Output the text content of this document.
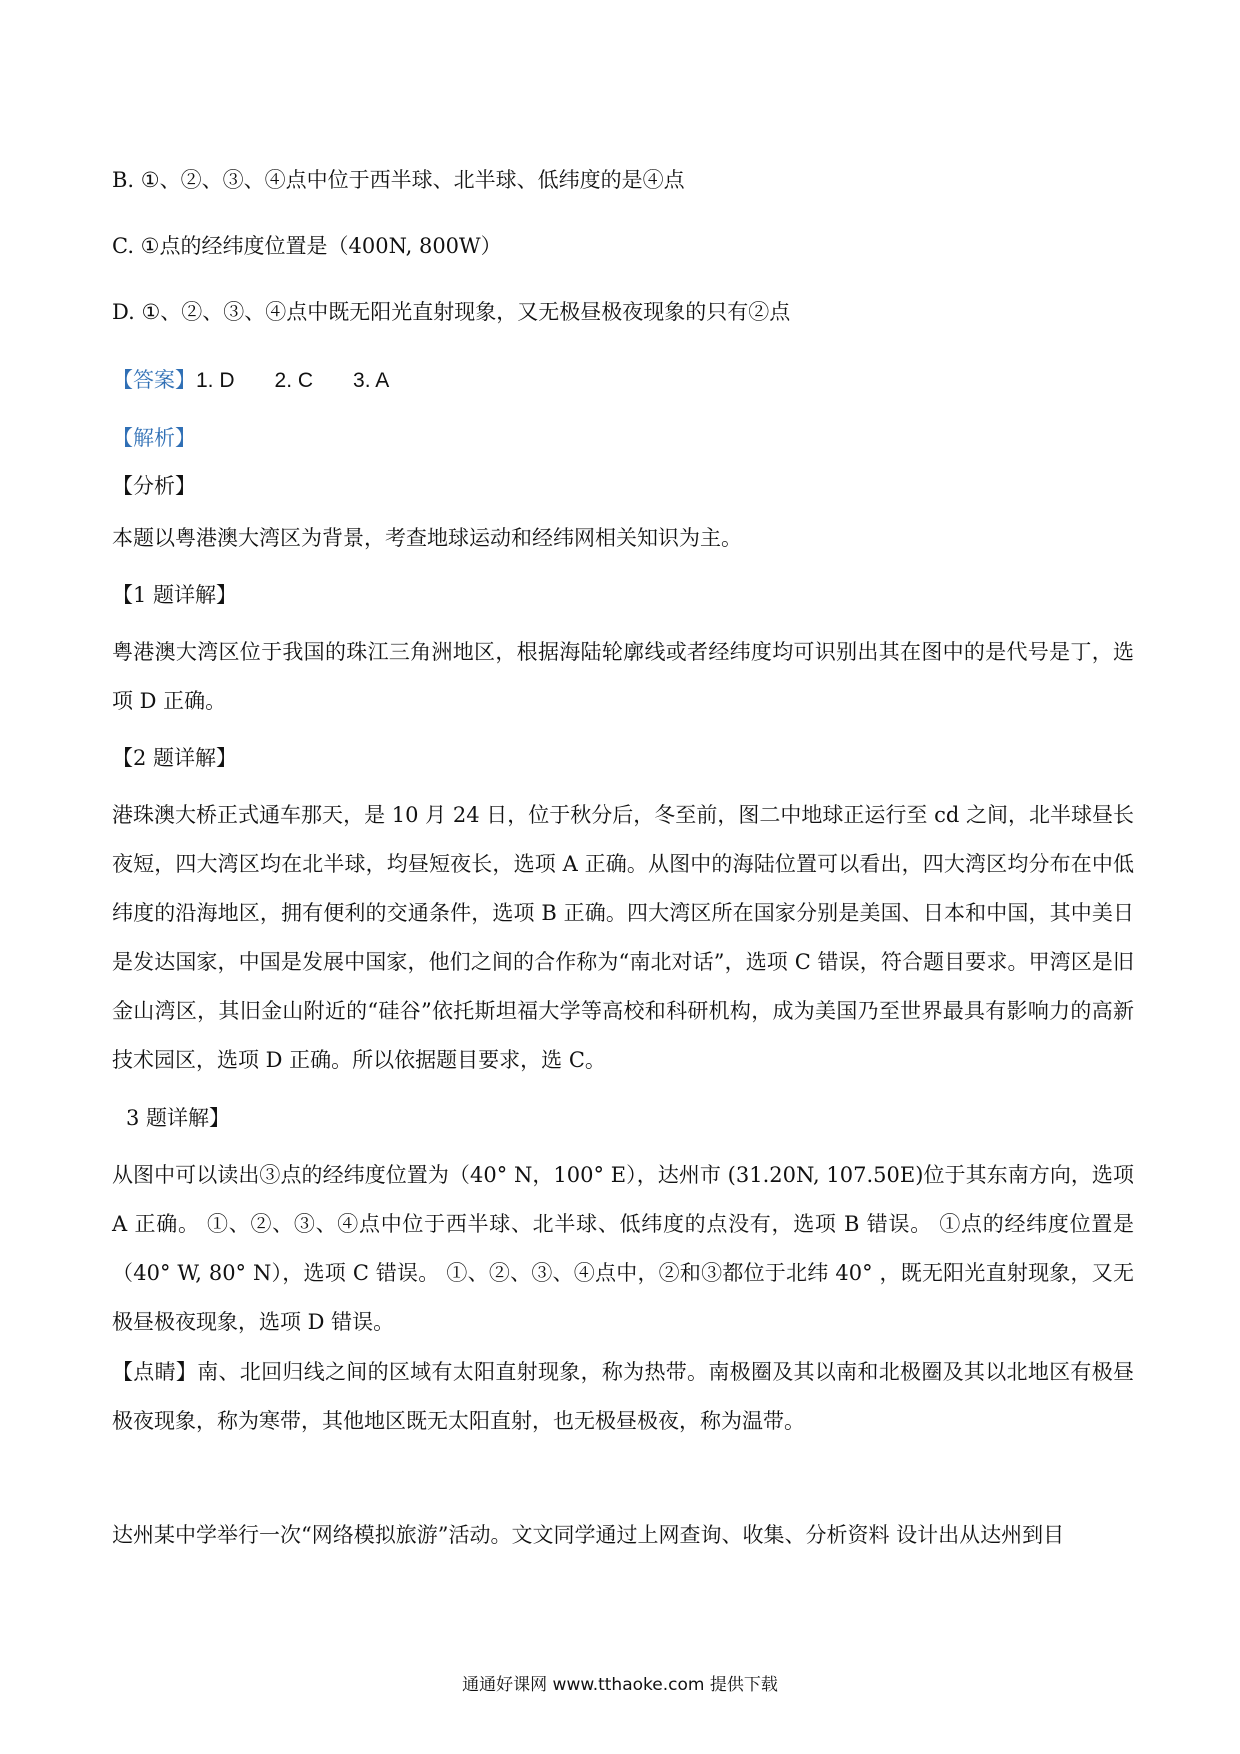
B. ①、②、③、④点中位于西半球、北半球、低纬度的是④点
C. ①点的经纬度位置是（400N, 800W）
D. ①、②、③、④点中既无阳光直射现象，又无极昼极夜现象的只有②点
【答案】1. D 2. C 3. A
【解析】
【分析】
本题以粤港澳大湾区为背景，考查地球运动和经纬网相关知识为主。
【1 题详解】

粤港澳大湾区位于我国的珠江三角洲地区，根据海陆轮廓线或者经纬度均可识别出其在图中的是代号是丁，选项 D 正确。

【2 题详解】

港珠澳大桥正式通车那天，是 10 月 24 日，位于秋分后，冬至前，图二中地球正运行至 cd 之间，北半球昼长夜短，四大湾区均在北半球，均昼短夜长，选项 A 正确。从图中的海陆位置可以看出，四大湾区均分布在中低纬度的沿海地区，拥有便利的交通条件，选项 B 正确。四大湾区所在国家分别是美国、日本和中国，其中美日是发达国家，中国是发展中国家，他们之间的合作称为“南北对话”，选项 C 错误，符合题目要求。甲湾区是旧金山湾区，其旧金山附近的“硅谷”依托斯坦福大学等高校和科研机构，成为美国乃至世界最具有影响力的高新技术园区，选项 D 正确。所以依据题目要求，选 C。

3 题详解】

从图中可以读出③点的经纬度位置为（40° N，100° E），达州市 (31.20N, 107.50E)位于其东南方向，选项 A 正确。 ①、②、③、④点中位于西半球、北半球、低纬度的点没有，选项 B 错误。 ①点的经纬度位置是（40° W, 80° N），选项 C 错误。 ①、②、③、④点中，②和③都位于北纬 40° ，既无阳光直射现象，又无极昼极夜现象，选项 D 错误。

【点睛】南、北回归线之间的区域有太阳直射现象，称为热带。南极圈及其以南和北极圈及其以北地区有极昼极夜现象，称为寒带，其他地区既无太阳直射，也无极昼极夜，称为温带。

达州某中学举行一次“网络模拟旅游”活动。文文同学通过上网查询、收集、分析资料 设计出从达州到目
通通好课网 www.tthaoke.com 提供下载
